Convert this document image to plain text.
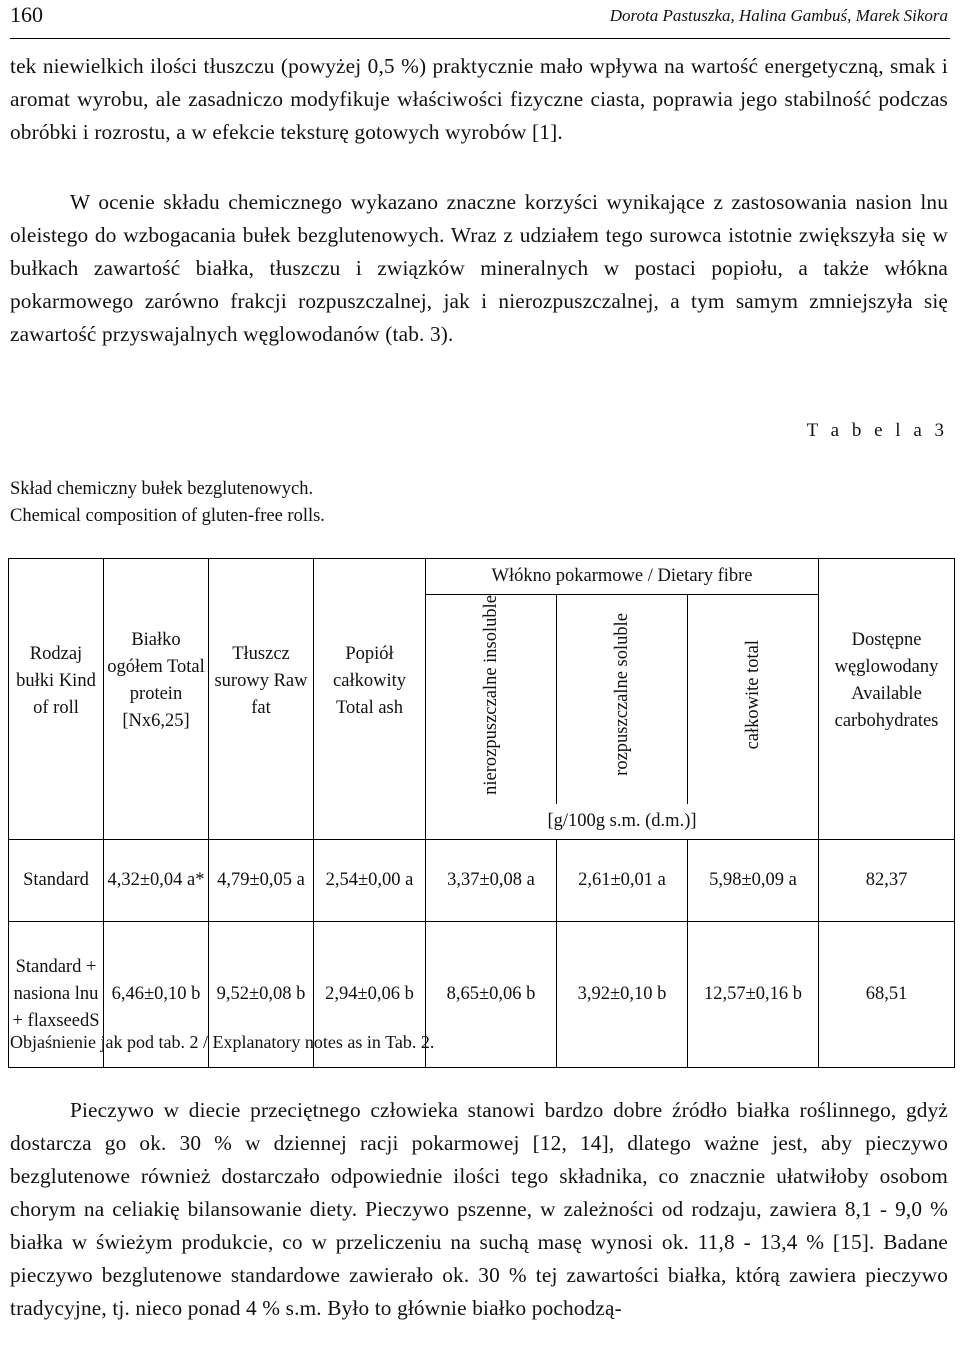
160	Dorota Pastuszka, Halina Gambuś, Marek Sikora
tek niewielkich ilości tłuszczu (powyżej 0,5 %) praktycznie mało wpływa na wartość energetyczną, smak i aromat wyrobu, ale zasadniczo modyfikuje właściwości fizyczne ciasta, poprawia jego stabilność podczas obróbki i rozrostu, a w efekcie teksturę gotowych wyrobów [1].
W ocenie składu chemicznego wykazano znaczne korzyści wynikające z zastosowania nasion lnu oleistego do wzbogacania bułek bezglutenowych. Wraz z udziałem tego surowca istotnie zwiększyła się w bułkach zawartość białka, tłuszczu i związków mineralnych w postaci popiołu, a także włókna pokarmowego zarówno frakcji rozpuszczalnej, jak i nierozpuszczalnej, a tym samym zmniejszyła się zawartość przyswajalnych węglowodanów (tab. 3).
T a b e l a 3
Skład chemiczny bułek bezglutenowych.
Chemical composition of gluten-free rolls.
Rodzaj bułki Kind of roll	Białko ogółem Total protein [Nx6,25]	Tłuszcz surowy Raw fat	Popiół całkowity Total ash	Włókno pokarmowe / Dietary fibre			Dostępne węglowodany Available carbohydrates
				nierozpuszczalne insoluble	rozpuszczalne soluble	całkowite total	
				[g/100g s.m. (d.m.)]			
Standard	4,32±0,04 a*	4,79±0,05 a	2,54±0,00 a	3,37±0,08 a	2,61±0,01 a	5,98±0,09 a	82,37
Standard + nasiona lnu + flaxseedS	6,46±0,10 b	9,52±0,08 b	2,94±0,06 b	8,65±0,06 b	3,92±0,10 b	12,57±0,16 b	68,51
Objaśnienie jak pod tab. 2 / Explanatory notes as in Tab. 2.
Pieczywo w diecie przeciętnego człowieka stanowi bardzo dobre źródło białka roślinnego, gdyż dostarcza go ok. 30 % w dziennej racji pokarmowej [12, 14], dlatego ważne jest, aby pieczywo bezglutenowe również dostarczało odpowiednie ilości tego składnika, co znacznie ułatwiłoby osobom chorym na celiakię bilansowanie diety. Pieczywo pszenne, w zależności od rodzaju, zawiera 8,1 - 9,0 % białka w świeżym produkcie, co w przeliczeniu na suchą masę wynosi ok. 11,8 - 13,4 % [15]. Badane pieczywo bezglutenowe standardowe zawierało ok. 30 % tej zawartości białka, którą zawiera pieczywo tradycyjne, tj. nieco ponad 4 % s.m. Było to głównie białko pochodzą-
